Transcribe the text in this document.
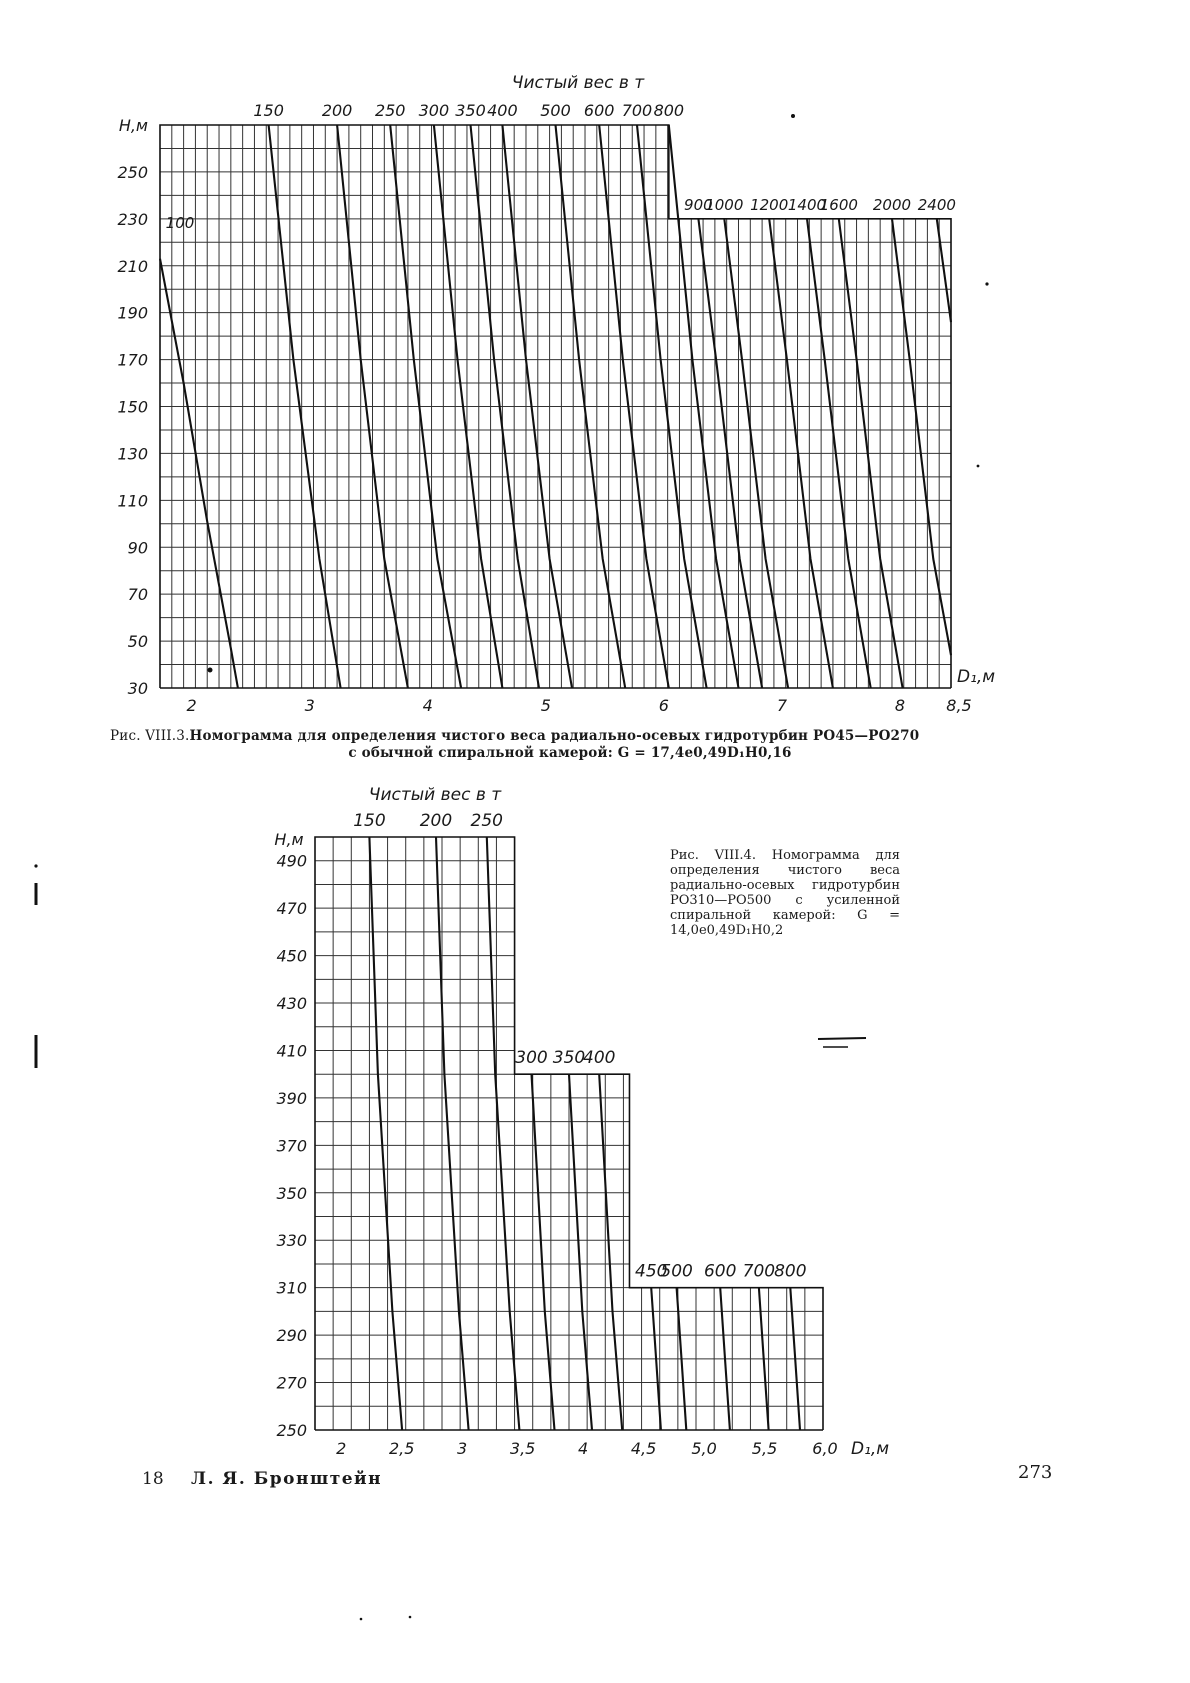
150 200 250 300 350 400 500 600 700 800
900
1000 1200 1400
1600 2000 2400
100
Чистый вес в т
30
50
70
90
110
130
150
170
190
210
230
250
H,м
2	3	4	5	6	7	8	8,5
D₁,м
150 200 250
300 350
400
450
500 600 700
800
Чистый вес в т
H,м
250
270
290
310
330
350
370
390
410
430
450
470
490
2	2,5	3	3,5	4	4,5 5,0 5,5 6,0 D₁,м
Рис. VIII.3.Номограмма для определения чистого веса радиально-осевых гидротурбин РО45—РО270
с обычной спиральной камерой: G = 17,4e0,49D₁H0,16
Рис. VIII.4. Номограмма для определения чистого веса радиально-осевых гидротурбин РО310—РО500 с усиленной спиральной камерой: G = 14,0e0,49D₁H0,2
18 Л. Я. Бронштейн	273
